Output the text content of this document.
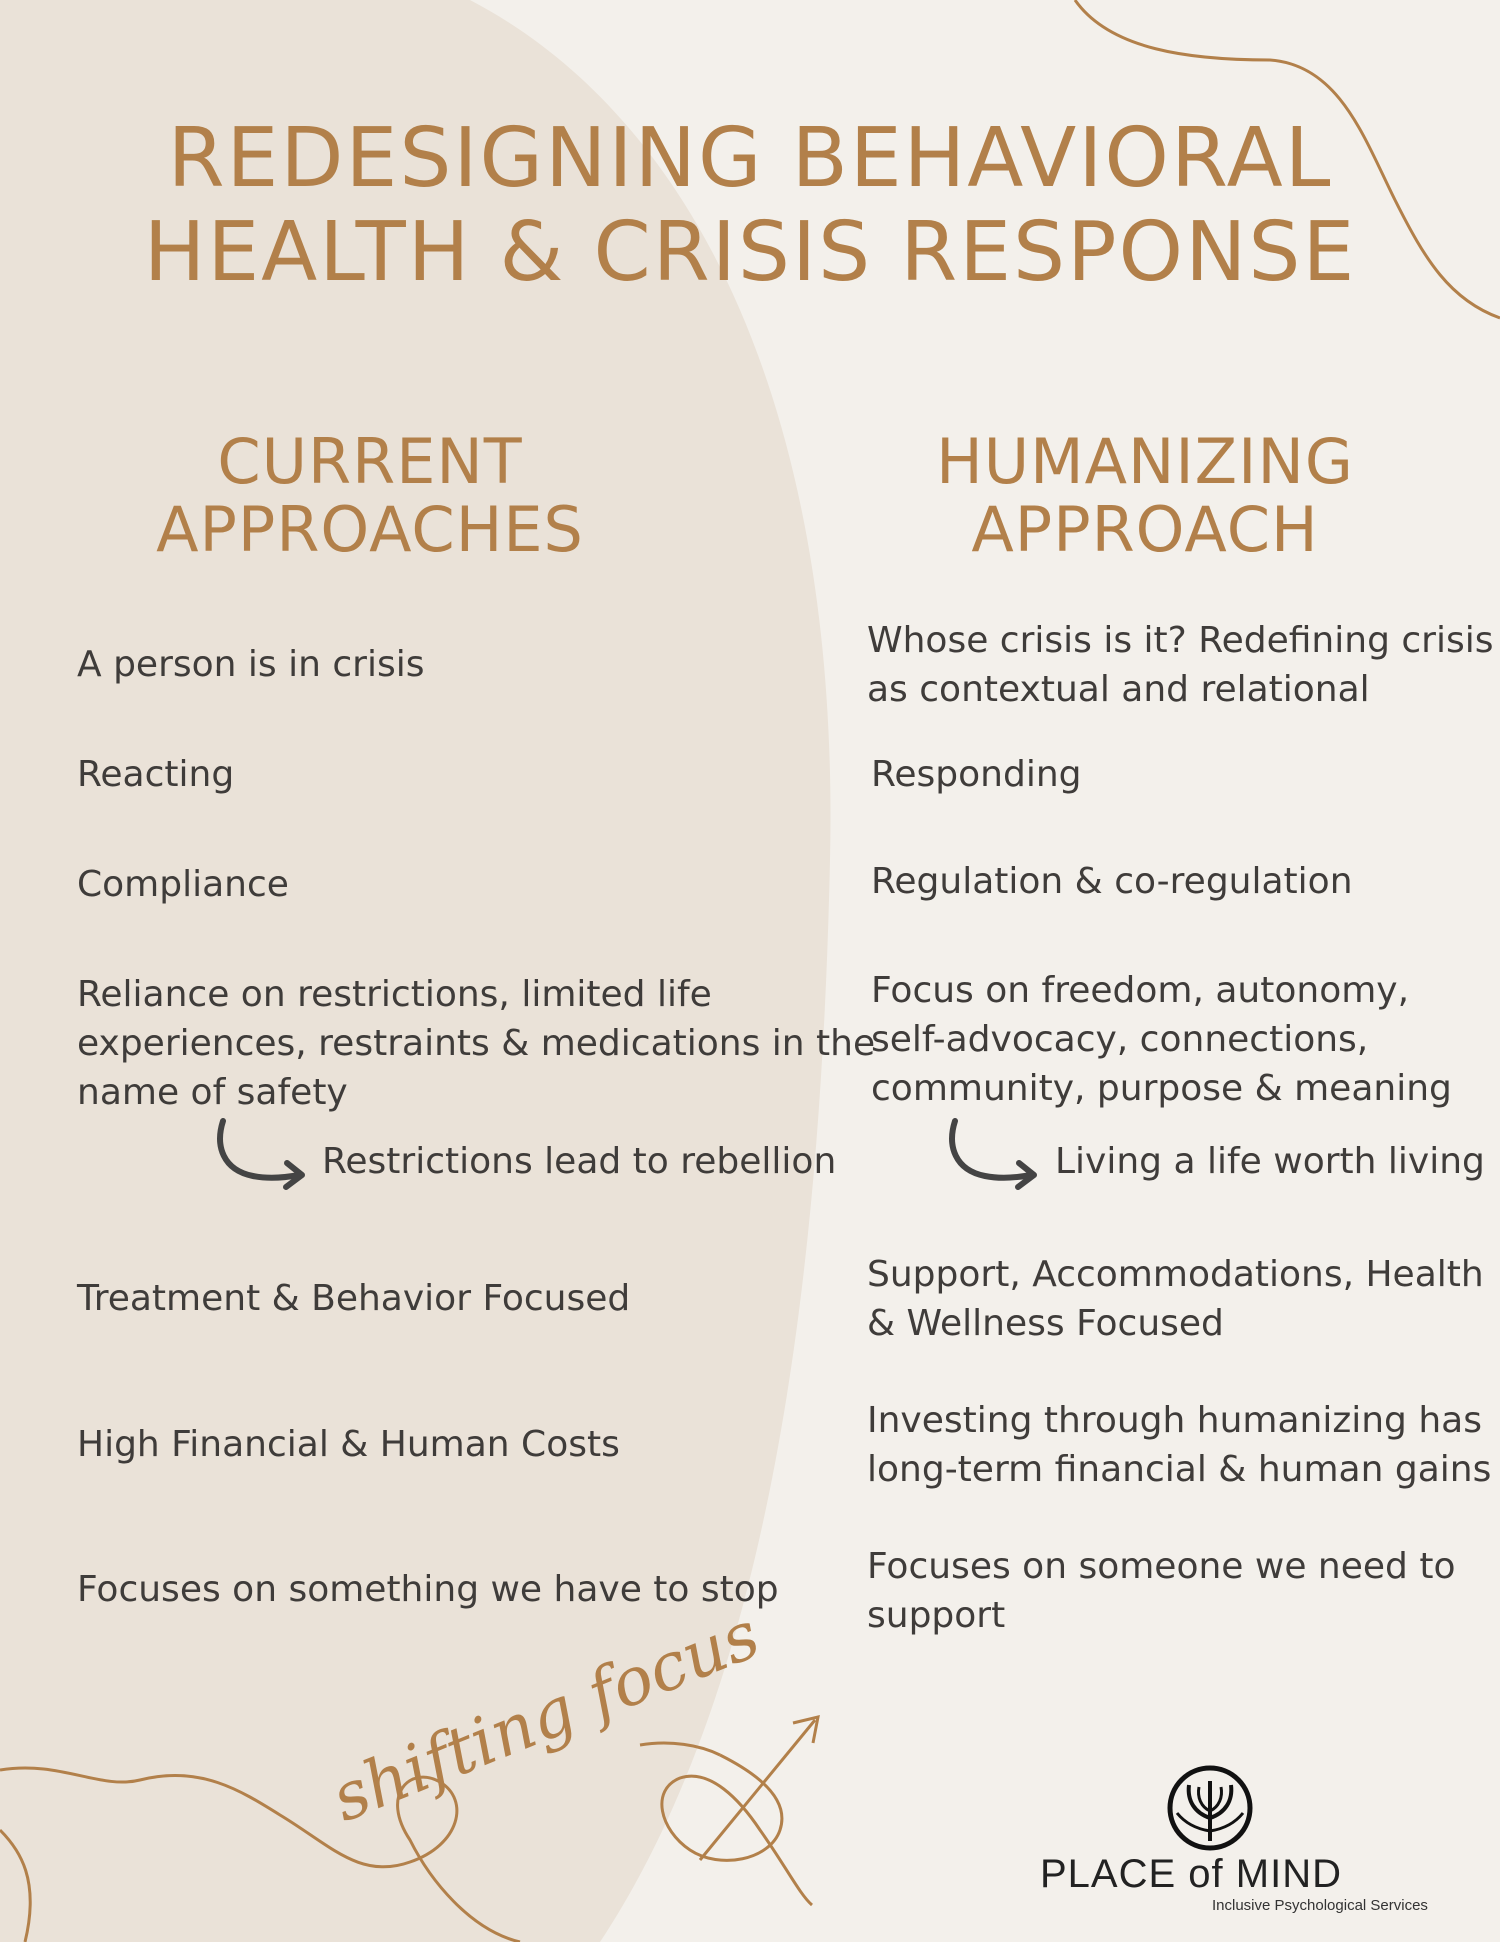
REDESIGNING BEHAVIORAL
HEALTH & CRISIS RESPONSE
CURRENT
APPROACHES
HUMANIZING
APPROACH
A person is in crisis
Reacting
Compliance
Reliance on restrictions, limited life
experiences, restraints & medications in the
name of safety
Restrictions lead to rebellion
Treatment & Behavior Focused
High Financial & Human Costs
Focuses on something we have to stop
Whose crisis is it? Redefining crisis
as contextual and relational
Responding
Regulation & co-regulation
Focus on freedom, autonomy,
self-advocacy, connections,
community, purpose & meaning
Living a life worth living
Support, Accommodations, Health
& Wellness Focused
Investing through humanizing has
long-term financial & human gains
Focuses on someone we need to
support
shifting focus
PLACE of MIND
Inclusive Psychological Services
